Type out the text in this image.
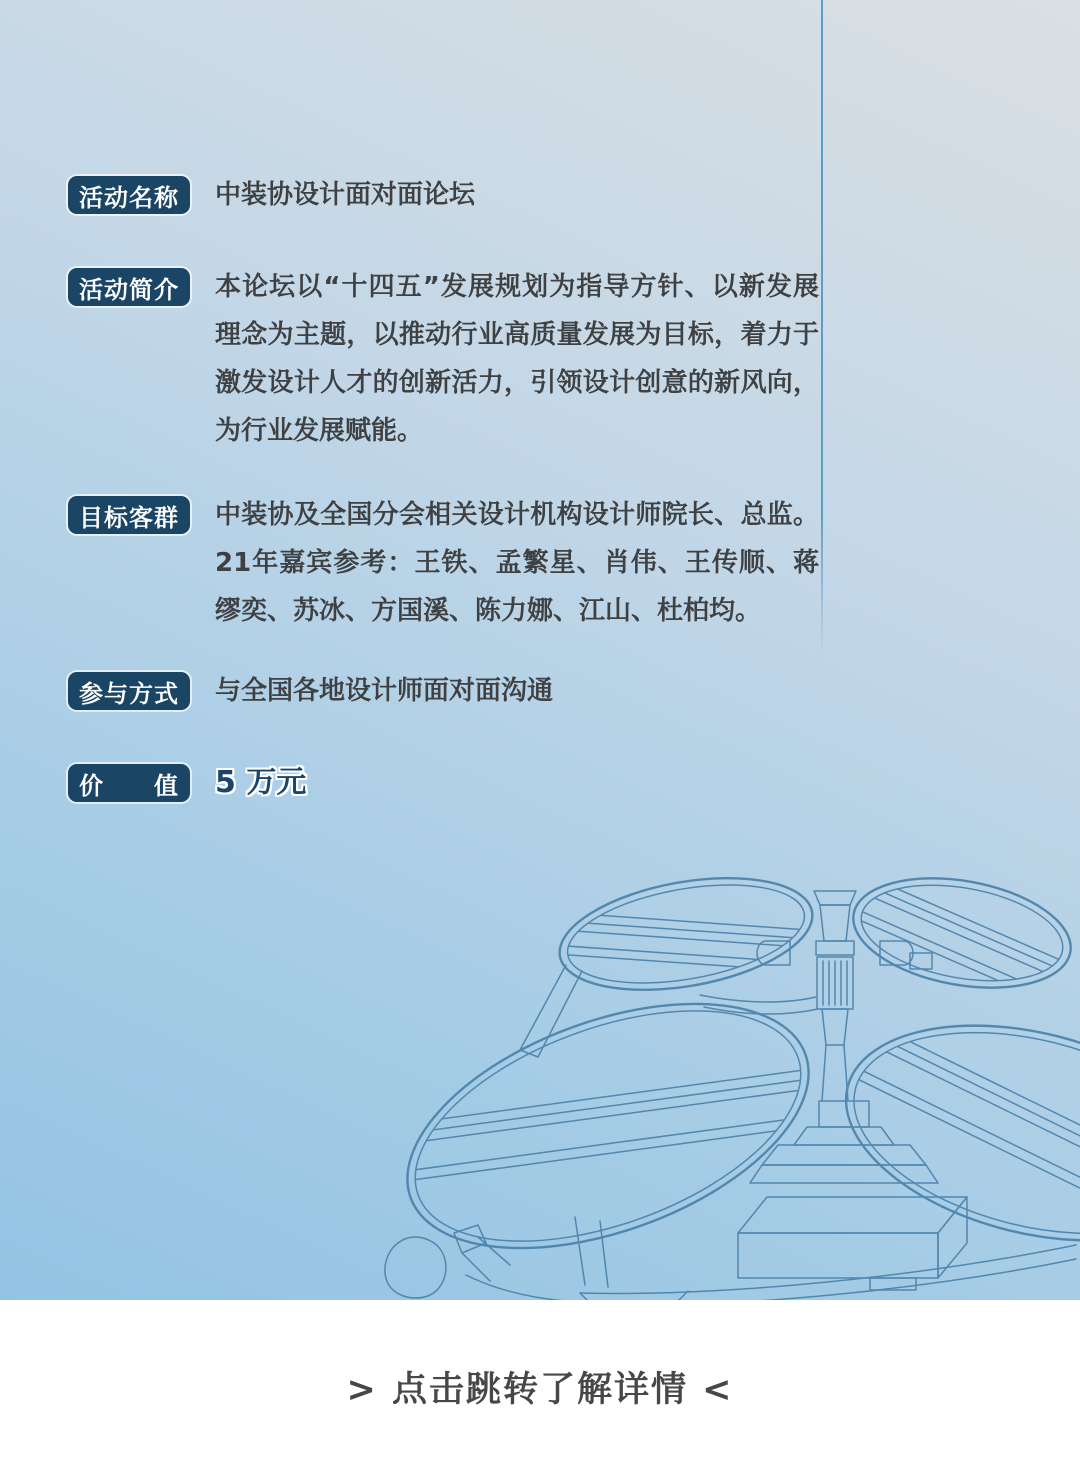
活动名称 中装协设计面对面论坛
活动简介 本论坛以“十四五”发展规划为指导方针、以新发展理念为主题，以推动行业高质量发展为目标，着力于激发设计人才的创新活力，引领设计创意的新风向，为行业发展赋能。
目标客群 中装协及全国分会相关设计机构设计师院长、总监。21年嘉宾参考：王铁、孟繁星、肖伟、王传顺、蒋缪奕、苏冰、方国溪、陈力娜、江山、杜柏均。
参与方式 与全国各地设计师面对面沟通
价　　值 5 万元
> 点击跳转了解详情 <
